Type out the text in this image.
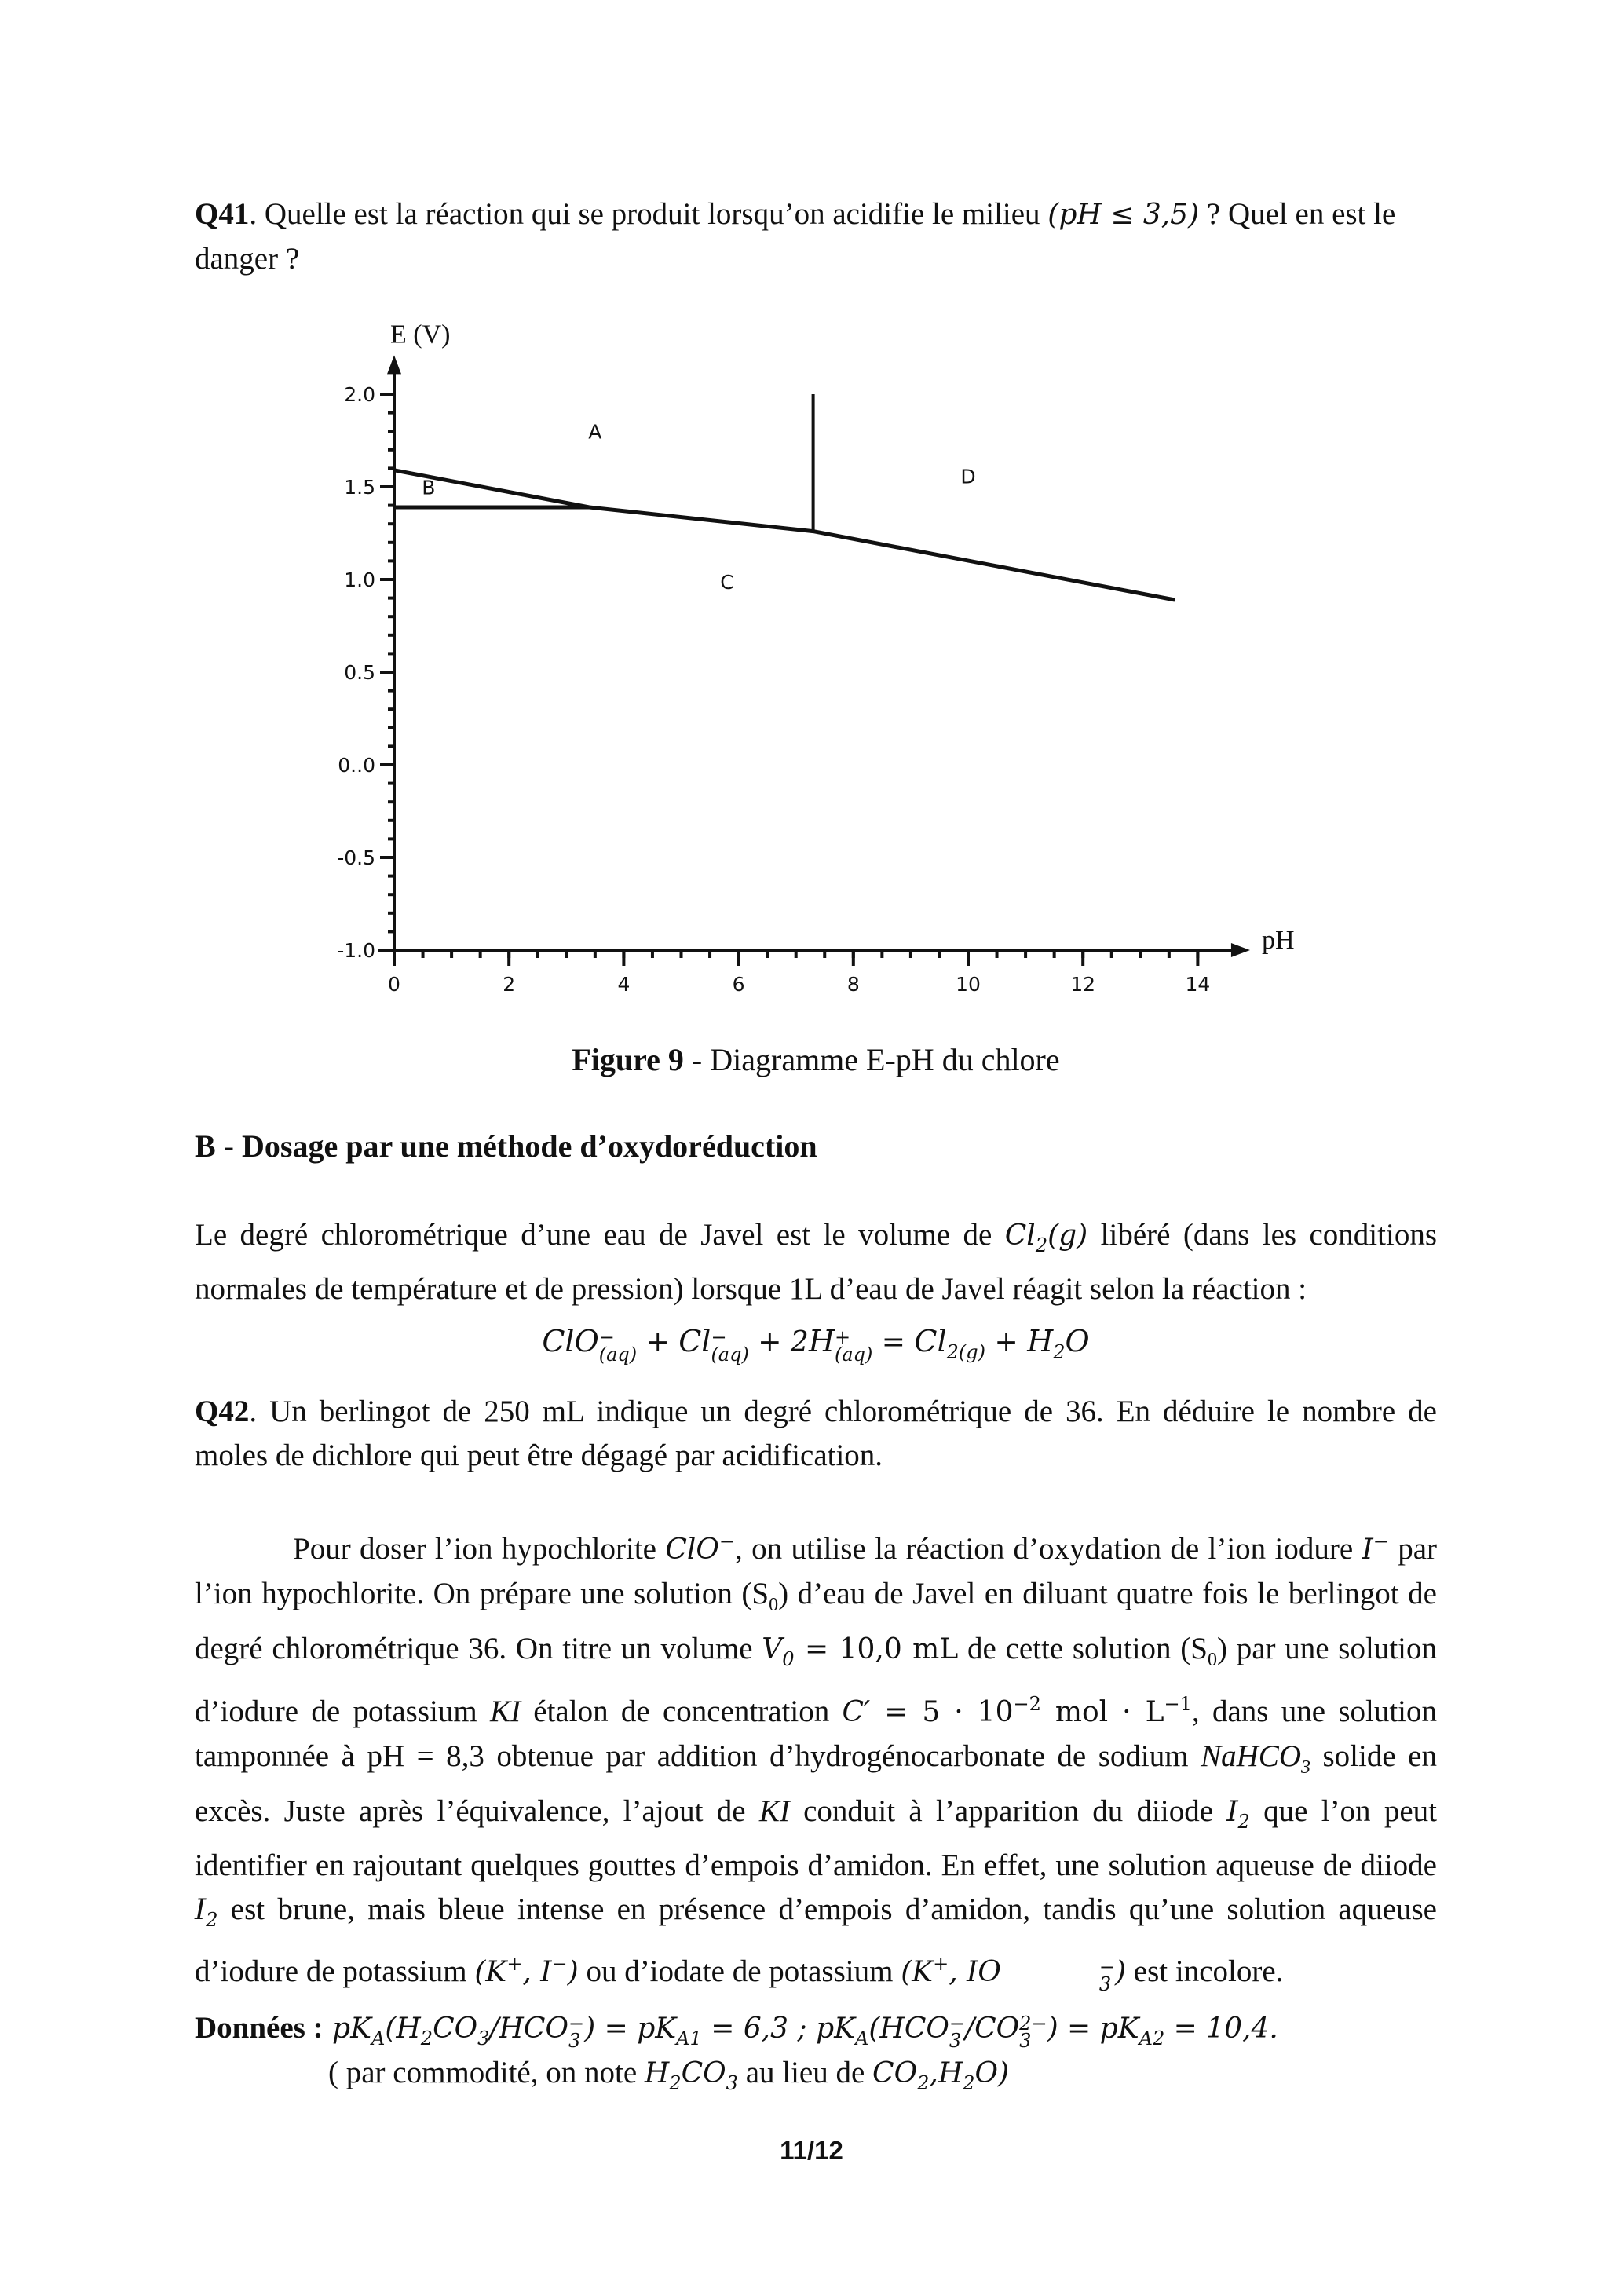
Q41. Quelle est la réaction qui se produit lorsqu’on acidifie le milieu (pH ≤ 3,5) ? Quel en est le danger ?
2.0
1.5
1.0
0.5
0..0
-0.5
-1.0
0	2	4	6	8	10	12	14
A
B
C
D
E (V)
pH
Figure 9 - Diagramme E-pH du chlore
B - Dosage par une méthode d’oxydoréduction
Le degré chlorométrique d’une eau de Javel est le volume de $Cl_2(g)$ libéré (dans les conditions normales de température et de pression) lorsque 1L d’eau de Javel réagit selon la réaction :
ClO −
(aq) + Cl −
(aq) + 2H +
$(aq) = Cl_{2(g)} + H_2O$
Q42. Un berlingot de 250 mL indique un degré chlorométrique de 36. En déduire le nombre de moles de dichlore qui peut être dégagé par acidification.
Pour doser l’ion hypochlorite ClO−, on utilise la réaction d’oxydation de l’ion iodure I− par l’ion hypochlorite. On prépare une solution $(S_0)$ d’eau de Javel en diluant quatre fois le berlingot de degré chlorométrique 36. On titre un volume $V_0 = 10,0$ mL de cette solution $(S_0)$ par une solution d’iodure de potassium KI étalon de concentration $C' = 5 \cdot 10^{-2}$ mol · $L^{-1}$, dans une solution tamponnée à pH = 8,3 obtenue par addition d’hydrogénocarbonate de sodium NaHCO$_3$ solide en excès. Juste après l’équivalence, l’ajout de KI conduit à l’apparition du diiode $I_2$ que l’on peut identifier en rajoutant quelques gouttes d’empois d’amidon. En effet, une solution aqueuse de diiode $I_2$ est brune, mais bleue intense en présence d’empois d’amidon, tandis qu’une solution aqueuse d’iodure de potassium (K+, I−) ou d’iodate de potassium (K+, IO	−
3 ) est incolore.
Données : $pK_A(H_2CO_3$/HCO −
3 ) = $pK_{A1} = 6,3$ ; $pK_A(HCO$ −
3 /CO 2−
3 ) = $pK_{A2} = 10,4$.
( par commodité, on note $H_2CO_3$ au lieu de $CO_2,H_2O$)
11/12
